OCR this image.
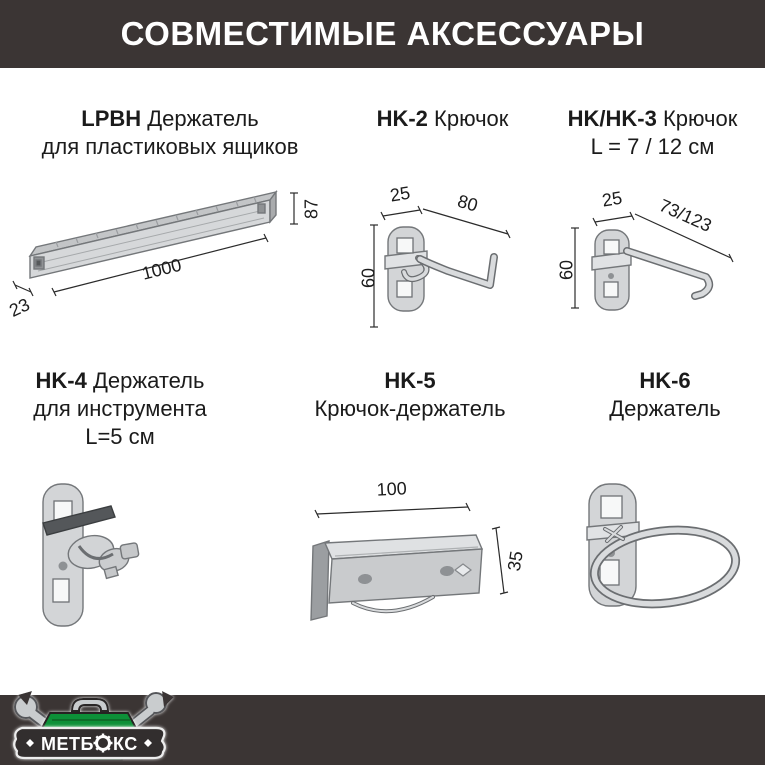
СОВМЕСТИМЫЕ АКСЕССУАРЫ
LPBH Держатель
для пластиковых ящиков
87
1000
23
HK-2 Крючок
25 80
60
HK/HK-3 Крючок
L = 7 / 12 см
25 73/123
60
HK-4 Держатель
для инструмента
L=5 см
HK-5
Крючок-держатель
100
35
HK-6
Держатель
МЕТБ КС
